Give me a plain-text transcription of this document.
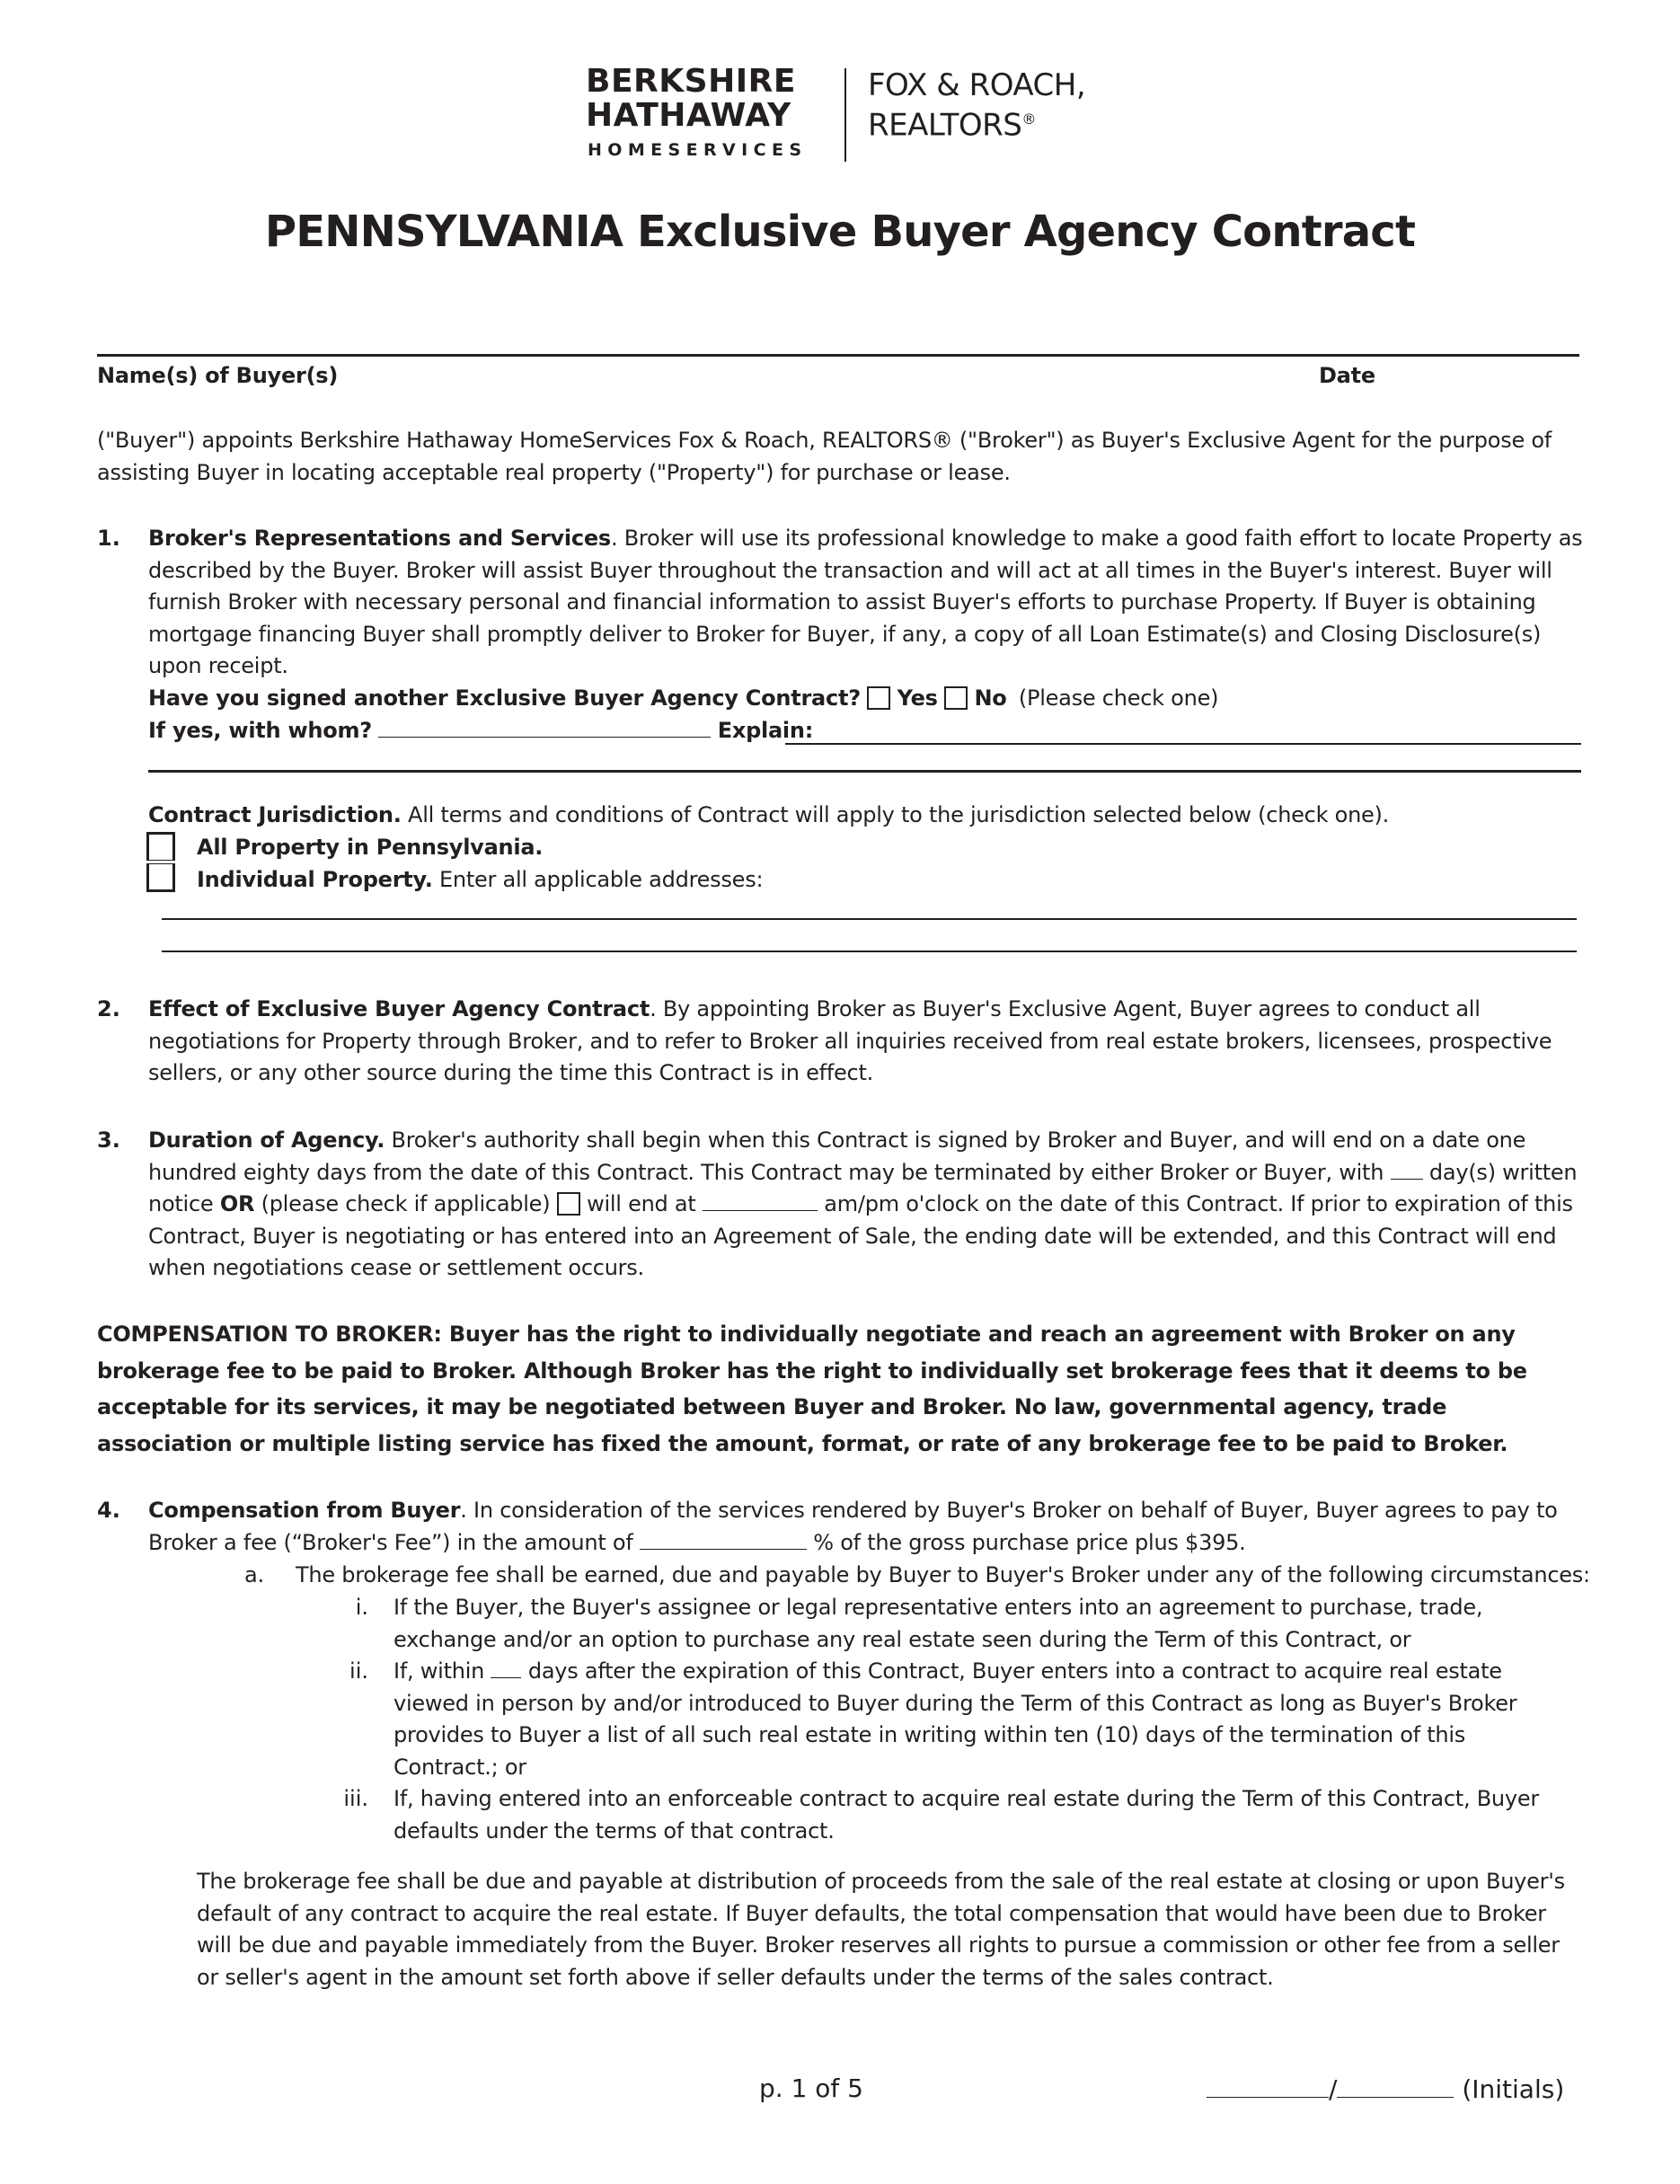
BERKSHIRE
HATHAWAY
HOMESERVICES
FOX & ROACH,
REALTORS®
PENNSYLVANIA Exclusive Buyer Agency Contract
Name(s) of Buyer(s)	Date
("Buyer") appoints Berkshire Hathaway HomeServices Fox & Roach, REALTORS® ("Broker") as Buyer's Exclusive Agent for the purpose of assisting Buyer in locating acceptable real property ("Property") for purchase or lease.
1. Broker's Representations and Services. Broker will use its professional knowledge to make a good faith effort to locate Property as described by the Buyer. Broker will assist Buyer throughout the transaction and will act at all times in the Buyer's interest. Buyer will furnish Broker with necessary personal and financial information to assist Buyer's efforts to purchase Property. If Buyer is obtaining mortgage financing Buyer shall promptly deliver to Broker for Buyer, if any, a copy of all Loan Estimate(s) and Closing Disclosure(s) upon receipt.
Have you signed another Exclusive Buyer Agency Contract? Yes No (Please check one)
If yes, with whom?	Explain:
Contract Jurisdiction. All terms and conditions of Contract will apply to the jurisdiction selected below (check one).
All Property in Pennsylvania.
Individual Property. Enter all applicable addresses:
2. Effect of Exclusive Buyer Agency Contract. By appointing Broker as Buyer's Exclusive Agent, Buyer agrees to conduct all negotiations for Property through Broker, and to refer to Broker all inquiries received from real estate brokers, licensees, prospective sellers, or any other source during the time this Contract is in effect.
3. Duration of Agency. Broker's authority shall begin when this Contract is signed by Broker and Buyer, and will end on a date one hundred eighty days from the date of this Contract. This Contract may be terminated by either Broker or Buyer, with  day(s) written notice OR (please check if applicable)  will end at	am/pm o'clock on the date of this Contract. If prior to expiration of this Contract, Buyer is negotiating or has entered into an Agreement of Sale, the ending date will be extended, and this Contract will end when negotiations cease or settlement occurs.
COMPENSATION TO BROKER: Buyer has the right to individually negotiate and reach an agreement with Broker on any brokerage fee to be paid to Broker. Although Broker has the right to individually set brokerage fees that it deems to be acceptable for its services, it may be negotiated between Buyer and Broker. No law, governmental agency, trade association or multiple listing service has fixed the amount, format, or rate of any brokerage fee to be paid to Broker.
4. Compensation from Buyer. In consideration of the services rendered by Buyer's Broker on behalf of Buyer, Buyer agrees to pay to Broker a fee (“Broker's Fee”) in the amount of	% of the gross purchase price plus $395.
a. The brokerage fee shall be earned, due and payable by Buyer to Buyer's Broker under any of the following circumstances:
i. If the Buyer, the Buyer's assignee or legal representative enters into an agreement to purchase, trade, exchange and/or an option to purchase any real estate seen during the Term of this Contract, or
ii. If, within  days after the expiration of this Contract, Buyer enters into a contract to acquire real estate viewed in person by and/or introduced to Buyer during the Term of this Contract as long as Buyer's Broker provides to Buyer a list of all such real estate in writing within ten (10) days of the termination of this Contract.; or
iii. If, having entered into an enforceable contract to acquire real estate during the Term of this Contract, Buyer defaults under the terms of that contract.
The brokerage fee shall be due and payable at distribution of proceeds from the sale of the real estate at closing or upon Buyer's default of any contract to acquire the real estate. If Buyer defaults, the total compensation that would have been due to Broker will be due and payable immediately from the Buyer. Broker reserves all rights to pursue a commission or other fee from a seller or seller's agent in the amount set forth above if seller defaults under the terms of the sales contract.
p. 1 of 5	/	(Initials)
